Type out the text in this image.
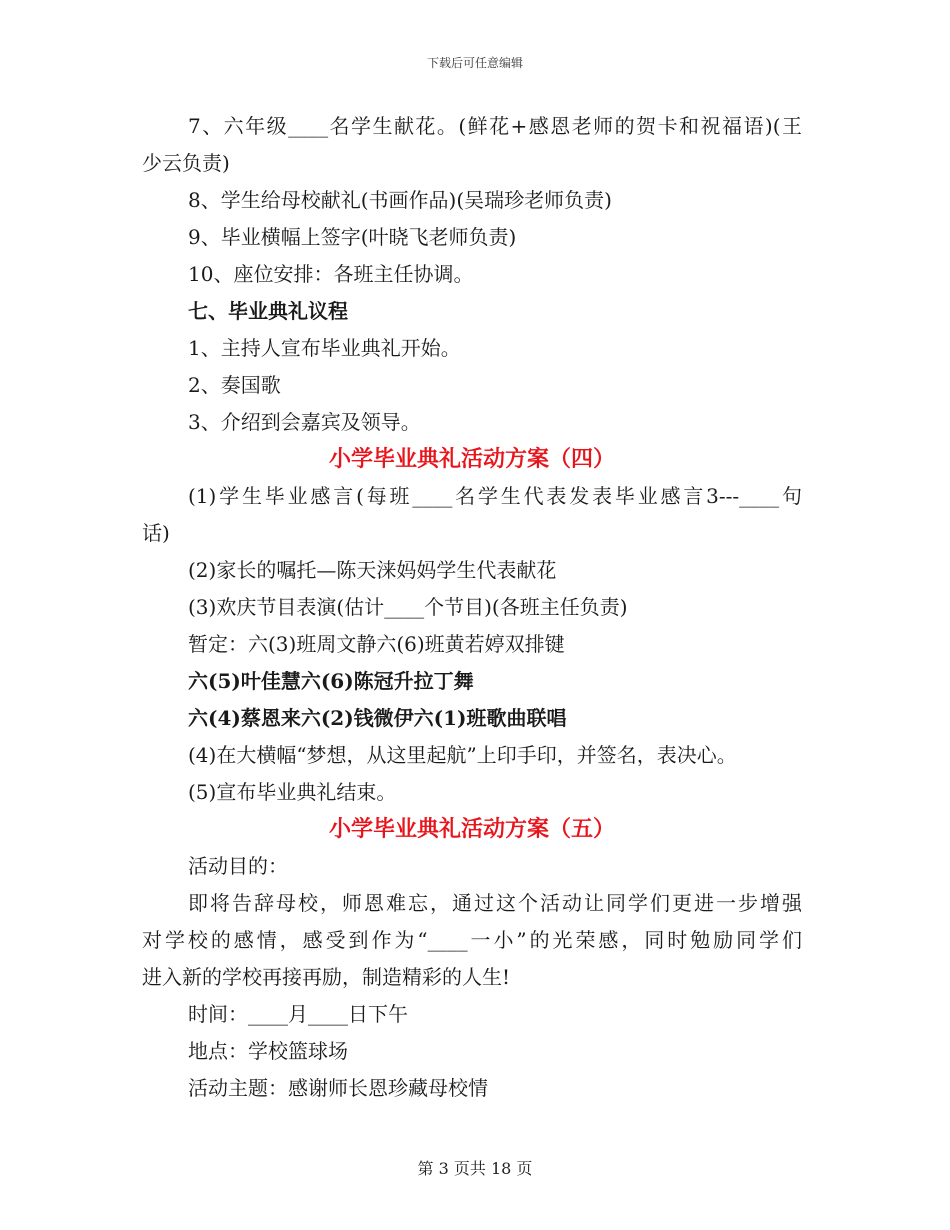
下载后可任意编辑
7、六年级____名学生献花。(鲜花+感恩老师的贺卡和祝福语)(王
少云负责)
8、学生给母校献礼(书画作品)(吴瑞珍老师负责)
9、毕业横幅上签字(叶晓飞老师负责)
10、座位安排：各班主任协调。
七、毕业典礼议程
1、主持人宣布毕业典礼开始。
2、奏国歌
3、介绍到会嘉宾及领导。
小学毕业典礼活动方案（四）
(1)学生毕业感言(每班____名学生代表发表毕业感言3---____句
话)
(2)家长的嘱托—陈天涞妈妈学生代表献花
(3)欢庆节目表演(估计____个节目)(各班主任负责)
暂定：六(3)班周文静六(6)班黄若婷双排键
六(5)叶佳慧六(6)陈冠升拉丁舞
六(4)蔡恩来六(2)钱微伊六(1)班歌曲联唱
(4)在大横幅“梦想，从这里起航”上印手印，并签名，表决心。
(5)宣布毕业典礼结束。
小学毕业典礼活动方案（五）
活动目的：
即将告辞母校，师恩难忘，通过这个活动让同学们更进一步增强
对学校的感情，感受到作为“____一小”的光荣感，同时勉励同学们
进入新的学校再接再励，制造精彩的人生!
时间：____月____日下午
地点：学校篮球场
活动主题：感谢师长恩珍藏母校情
第 3 页共 18 页
